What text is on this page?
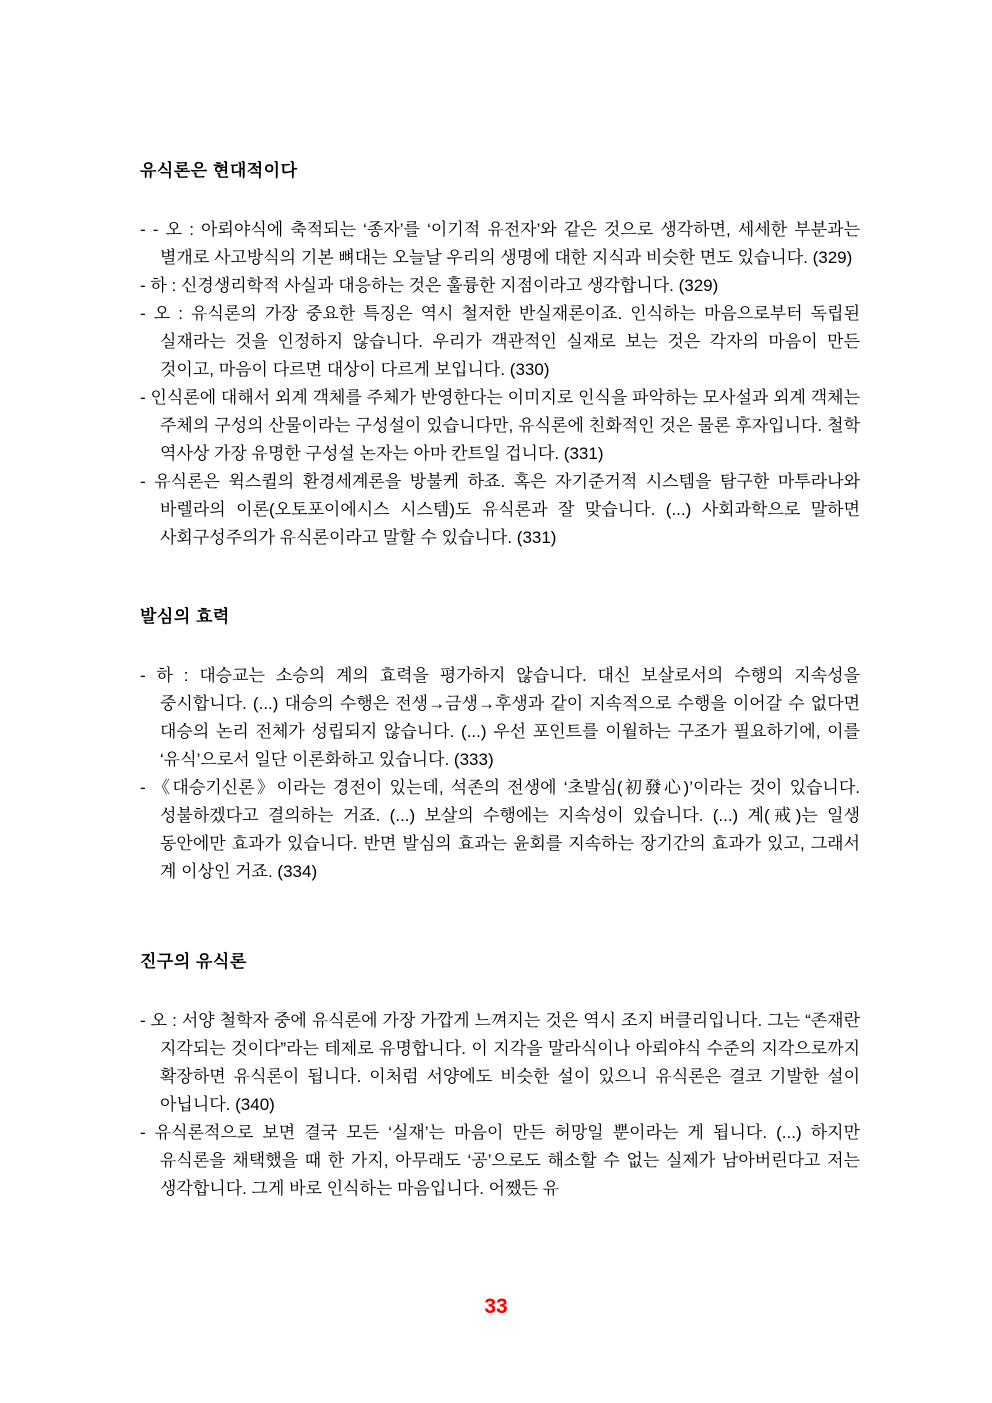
유식론은 현대적이다

- - 오 : 아뢰야식에 축적되는 ‘종자’를 ‘이기적 유전자’와 같은 것으로 생각하면, 세세한 부분과는 별개로 사고방식의 기본 뼈대는 오늘날 우리의 생명에 대한 지식과 비슷한 면도 있습니다. (329)

- 하 : 신경생리학적 사실과 대응하는 것은 훌륭한 지점이라고 생각합니다. (329)

- 오 : 유식론의 가장 중요한 특징은 역시 철저한 반실재론이죠. 인식하는 마음으로부터 독립된 실재라는 것을 인정하지 않습니다. 우리가 객관적인 실재로 보는 것은 각자의 마음이 만든 것이고, 마음이 다르면 대상이 다르게 보입니다. (330)

- 인식론에 대해서 외계 객체를 주체가 반영한다는 이미지로 인식을 파악하는 모사설과 외계 객체는 주체의 구성의 산물이라는 구성설이 있습니다만, 유식론에 친화적인 것은 물론 후자입니다. 철학 역사상 가장 유명한 구성설 논자는 아마 칸트일 겁니다. (331)

- 유식론은 윅스퀼의 환경세계론을 방불케 하죠. 혹은 자기준거적 시스템을 탐구한 마투라나와 바렐라의 이론(오토포이에시스 시스템)도 유식론과 잘 맞습니다. (...) 사회과학으로 말하면 사회구성주의가 유식론이라고 말할 수 있습니다. (331)

발심의 효력

- 하 : 대승교는 소승의 계의 효력을 평가하지 않습니다. 대신 보살로서의 수행의 지속성을 중시합니다. (...) 대승의 수행은 전생→금생→후생과 같이 지속적으로 수행을 이어갈 수 없다면 대승의 논리 전체가 성립되지 않습니다. (...) 우선 포인트를 이월하는 구조가 필요하기에, 이를 ‘유식’으로서 일단 이론화하고 있습니다. (333)

- 《대승기신론》이라는 경전이 있는데, 석존의 전생에 ‘초발심(初發心)’이라는 것이 있습니다. 성불하겠다고 결의하는 거죠. (...) 보살의 수행에는 지속성이 있습니다. (...) 계(戒)는 일생 동안에만 효과가 있습니다. 반면 발심의 효과는 윤회를 지속하는 장기간의 효과가 있고, 그래서 계 이상인 거죠. (334)

진구의 유식론

- 오 : 서양 철학자 중에 유식론에 가장 가깝게 느껴지는 것은 역시 조지 버클리입니다. 그는 “존재란 지각되는 것이다”라는 테제로 유명합니다. 이 지각을 말라식이나 아뢰야식 수준의 지각으로까지 확장하면 유식론이 됩니다. 이처럼 서양에도 비슷한 설이 있으니 유식론은 결코 기발한 설이 아닙니다. (340)

- 유식론적으로 보면 결국 모든 ‘실재’는 마음이 만든 허망일 뿐이라는 게 됩니다. (...) 하지만 유식론을 채택했을 때 한 가지, 아무래도 ‘공’으로도 해소할 수 없는 실제가 남아버린다고 저는 생각합니다. 그게 바로 인식하는 마음입니다. 어쨌든 유

33
